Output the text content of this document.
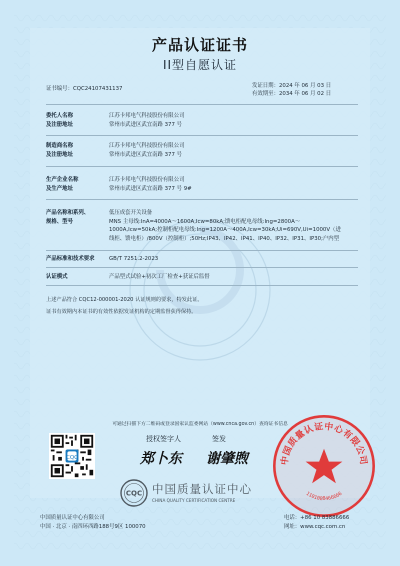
产品认证证书
II型自愿认证
证书编号：CQC24107431137	发证日期：2024 年 06 月 03 日
有效期至：2034 年 06 月 02 日
委托人名称
及注册地址
江苏卡邦电气科技股份有限公司
常州市武进区武宜南路 377 号
制造商名称
及注册地址
江苏卡邦电气科技股份有限公司
常州市武进区武宜南路 377 号
生产企业名称
及生产地址
江苏卡邦电气科技股份有限公司
常州市武进区武宜南路 377 号 9#
产品名称和系列、
规格、型号
低压成套开关设备
MNS 主母线:InA=4000A～1600A,Icw=80kA;馈电柜配电母线:Ing=2800A～
1000A,Icw=50kA;控制柜配电母线:Ing=1200A～400A,Icw=30kA;Ui=690V,Ui=1000V（进
线柜、馈电柜）/800V（控制柜）;50Hz;IP43、IP42、IP41、IP40、IP32、IP31、IP30;户内型
产品标准和技术要求	GB/T 7251.2-2023
认证模式	产品型式试验+初次工厂检查+获证后监督
上述产品符合 CQC12-000001-2020 认证规则的要求，特发此证。
证书有效期内本证书的有效性依据发证机构的定期监督获得保持。
可通过扫描下方二维码或登录国家认监委网站（www.cnca.gov.cn）查询证书信息
CQC
授权签字人	签发
郑卜东 谢肇煦
CQC 中国质量认证中心
CHINA QUALITY CERTIFICATION CENTRE
中国质量认证中心有限公司
1101080466666
中国质量认证中心有限公司
中国 · 北京 · 南四环西路188号9区 100070
电话：+86 10 83886666
网址：www.cqc.com.cn
